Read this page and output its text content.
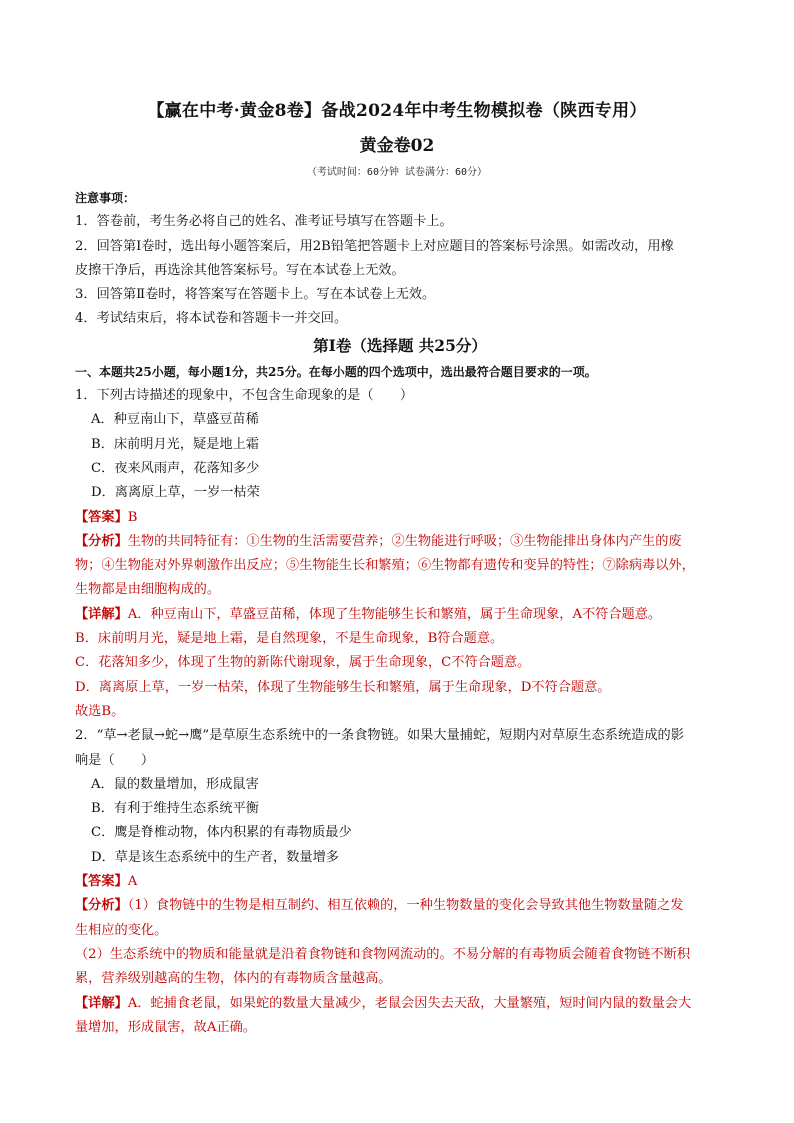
【赢在中考·黄金8卷】备战2024年中考生物模拟卷（陕西专用）
黄金卷02
（考试时间：60分钟 试卷满分：60分）
注意事项：
1．答卷前，考生务必将自己的姓名、准考证号填写在答题卡上。
2．回答第Ⅰ卷时，选出每小题答案后，用2B铅笔把答题卡上对应题目的答案标号涂黑。如需改动，用橡
皮擦干净后，再选涂其他答案标号。写在本试卷上无效。
3．回答第Ⅱ卷时，将答案写在答题卡上。写在本试卷上无效。
4．考试结束后，将本试卷和答题卡一并交回。
第Ⅰ卷（选择题 共25分）
一、本题共25小题，每小题1分，共25分。在每小题的四个选项中，选出最符合题目要求的一项。
1．下列古诗描述的现象中，不包含生命现象的是（　　）
A．种豆南山下，草盛豆苗稀
B．床前明月光，疑是地上霜
C．夜来风雨声，花落知多少
D．离离原上草，一岁一枯荣
【答案】B
【分析】生物的共同特征有：①生物的生活需要营养；②生物能进行呼吸；③生物能排出身体内产生的废
物；④生物能对外界刺激作出反应；⑤生物能生长和繁殖；⑥生物都有遗传和变异的特性；⑦除病毒以外，
生物都是由细胞构成的。
【详解】A．种豆南山下，草盛豆苗稀，体现了生物能够生长和繁殖，属于生命现象，A不符合题意。
B．床前明月光，疑是地上霜，是自然现象，不是生命现象，B符合题意。
C．花落知多少，体现了生物的新陈代谢现象，属于生命现象，C不符合题意。
D．离离原上草，一岁一枯荣，体现了生物能够生长和繁殖，属于生命现象，D不符合题意。
故选B。
2．“草→老鼠→蛇→鹰”是草原生态系统中的一条食物链。如果大量捕蛇，短期内对草原生态系统造成的影
响是（　　）
A．鼠的数量增加，形成鼠害
B．有利于维持生态系统平衡
C．鹰是脊椎动物，体内积累的有毒物质最少
D．草是该生态系统中的生产者，数量增多
【答案】A
【分析】（1）食物链中的生物是相互制约、相互依赖的，一种生物数量的变化会导致其他生物数量随之发
生相应的变化。
（2）生态系统中的物质和能量就是沿着食物链和食物网流动的。不易分解的有毒物质会随着食物链不断积
累，营养级别越高的生物，体内的有毒物质含量越高。
【详解】A．蛇捕食老鼠，如果蛇的数量大量减少，老鼠会因失去天敌，大量繁殖，短时间内鼠的数量会大
量增加，形成鼠害，故A正确。
